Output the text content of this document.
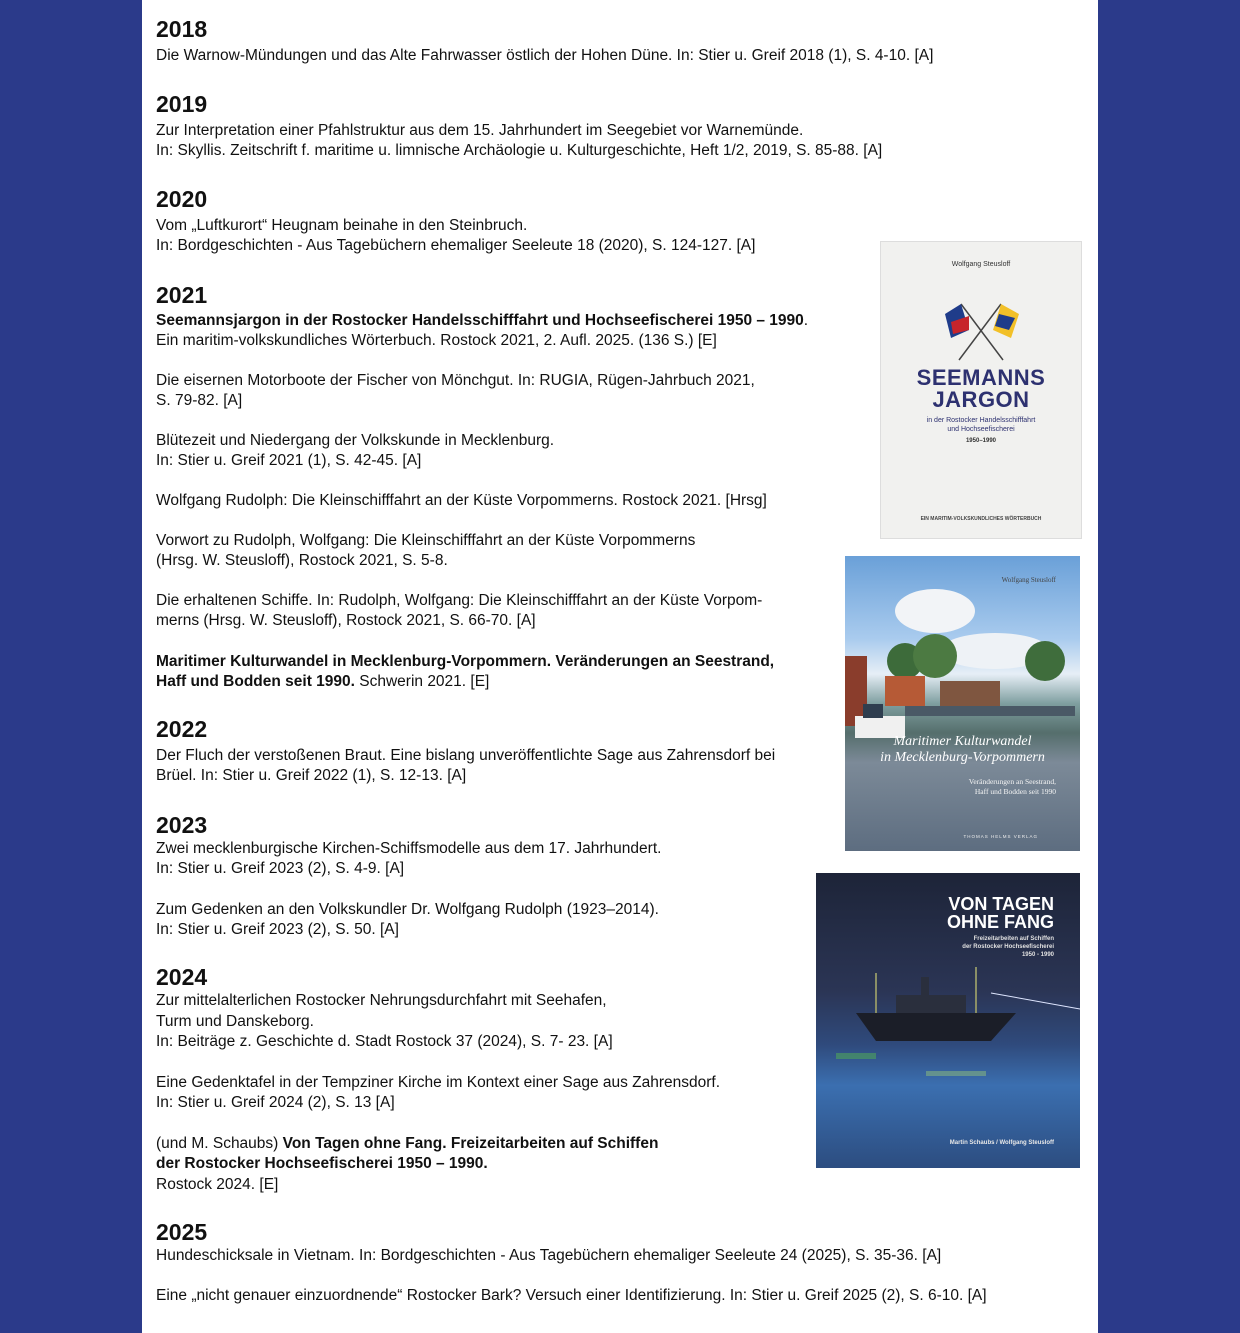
2018

Die Warnow-Mündungen und das Alte Fahrwasser östlich der Hohen Düne. In: Stier u. Greif 2018 (1), S. 4-10. [A]

2019

Zur Interpretation einer Pfahlstruktur aus dem 15. Jahrhundert im Seegebiet vor Warnemünde.

In: Skyllis. Zeitschrift f. maritime u. limnische Archäologie u. Kulturgeschichte, Heft 1/2, 2019, S. 85-88. [A]

2020

Vom „Luftkurort“ Heugnam beinahe in den Steinbruch.

In: Bordgeschichten - Aus Tagebüchern ehemaliger Seeleute 18 (2020), S. 124-127. [A]

2021

Seemannsjargon in der Rostocker Handelsschifffahrt und Hochseefischerei 1950 – 1990.

Ein maritim-volkskundliches Wörterbuch. Rostock 2021, 2. Aufl. 2025. (136 S.) [E]

Die eisernen Motorboote der Fischer von Mönchgut. In: RUGIA, Rügen-Jahrbuch 2021,

S. 79-82. [A]

Blütezeit und Niedergang der Volkskunde in Mecklenburg.

In: Stier u. Greif 2021 (1), S. 42-45. [A]

Wolfgang Rudolph: Die Kleinschifffahrt an der Küste Vorpommerns. Rostock 2021. [Hrsg]

Vorwort zu Rudolph, Wolfgang: Die Kleinschifffahrt an der Küste Vorpommerns

(Hrsg. W. Steusloff), Rostock 2021, S. 5-8.

Die erhaltenen Schiffe. In: Rudolph, Wolfgang: Die Kleinschifffahrt an der Küste Vorpom-

merns (Hrsg. W. Steusloff), Rostock 2021, S. 66-70. [A]

Maritimer Kulturwandel in Mecklenburg-Vorpommern. Veränderungen an Seestrand,

Haff und Bodden seit 1990. Schwerin 2021. [E]

2022

Der Fluch der verstoßenen Braut. Eine bislang unveröffentlichte Sage aus Zahrensdorf bei

Brüel. In: Stier u. Greif 2022 (1), S. 12-13. [A]

2023

Zwei mecklenburgische Kirchen-Schiffsmodelle aus dem 17. Jahrhundert.

In: Stier u. Greif 2023 (2), S. 4-9. [A]

Zum Gedenken an den Volkskundler Dr. Wolfgang Rudolph (1923–2014).

In: Stier u. Greif 2023 (2), S. 50. [A]

2024

Zur mittelalterlichen Rostocker Nehrungsdurchfahrt mit Seehafen,

Turm und Danskeborg.

In: Beiträge z. Geschichte d. Stadt Rostock 37 (2024), S. 7- 23. [A]

Eine Gedenktafel in der Tempziner Kirche im Kontext einer Sage aus Zahrensdorf.

In: Stier u. Greif 2024 (2), S. 13 [A]

(und M. Schaubs) Von Tagen ohne Fang. Freizeitarbeiten auf Schiffen

der Rostocker Hochseefischerei 1950 – 1990.

Rostock 2024. [E]

2025

Hundeschicksale in Vietnam. In: Bordgeschichten - Aus Tagebüchern ehemaliger Seeleute 24 (2025), S. 35-36. [A]

Eine „nicht genauer einzuordnende“ Rostocker Bark? Versuch einer Identifizierung. In: Stier u. Greif 2025 (2), S. 6-10. [A]

Wolfgang Steusloff
SEEMANNS
JARGON
in der Rostocker Handelsschifffahrt
und Hochseefischerei
1950–1990
EIN MARITIM-VOLKSKUNDLICHES WÖRTERBUCH
Wolfgang Steusloff
Maritimer Kulturwandel
in Mecklenburg-Vorpommern
Veränderungen an Seestrand,
Haff und Bodden seit 1990
THOMAS HELMS VERLAG
VON TAGEN
OHNE FANG
Freizeitarbeiten auf Schiffen
der Rostocker Hochseefischerei
1950 - 1990
Martin Schaubs / Wolfgang Steusloff
